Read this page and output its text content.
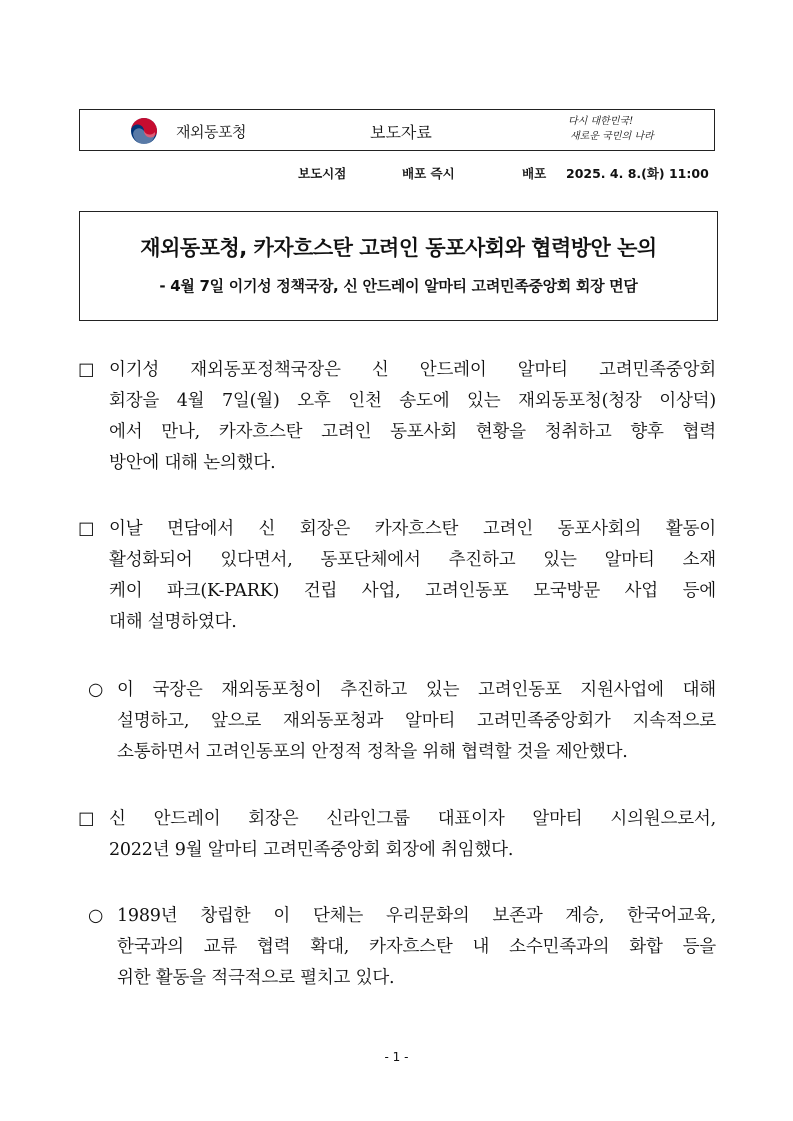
재외동포청	보도자료
다시 대한민국!
새로운 국민의 나라
보도시점	배포 즉시	배포 2025. 4. 8.(화) 11:00
재외동포청, 카자흐스탄 고려인 동포사회와 협력방안 논의
- 4월 7일 이기성 정책국장, 신 안드레이 알마티 고려민족중앙회 회장 면담
□ 이기성 재외동포정책국장은 신 안드레이 알마티 고려민족중앙회
회장을 4월 7일(월) 오후 인천 송도에 있는 재외동포청(청장 이상덕)
에서 만나, 카자흐스탄 고려인 동포사회 현황을 청취하고 향후 협력
방안에 대해 논의했다.
□ 이날 면담에서 신 회장은 카자흐스탄 고려인 동포사회의 활동이
활성화되어 있다면서, 동포단체에서 추진하고 있는 알마티 소재
케이 파크(K-PARK) 건립 사업, 고려인동포 모국방문 사업 등에
대해 설명하였다.
○ 이 국장은 재외동포청이 추진하고 있는 고려인동포 지원사업에 대해
설명하고, 앞으로 재외동포청과 알마티 고려민족중앙회가 지속적으로
소통하면서 고려인동포의 안정적 정착을 위해 협력할 것을 제안했다.
□ 신 안드레이 회장은 신라인그룹 대표이자 알마티 시의원으로서,
2022년 9월 알마티 고려민족중앙회 회장에 취임했다.
○ 1989년 창립한 이 단체는 우리문화의 보존과 계승, 한국어교육,
한국과의 교류 협력 확대, 카자흐스탄 내 소수민족과의 화합 등을
위한 활동을 적극적으로 펼치고 있다.
- 1 -
